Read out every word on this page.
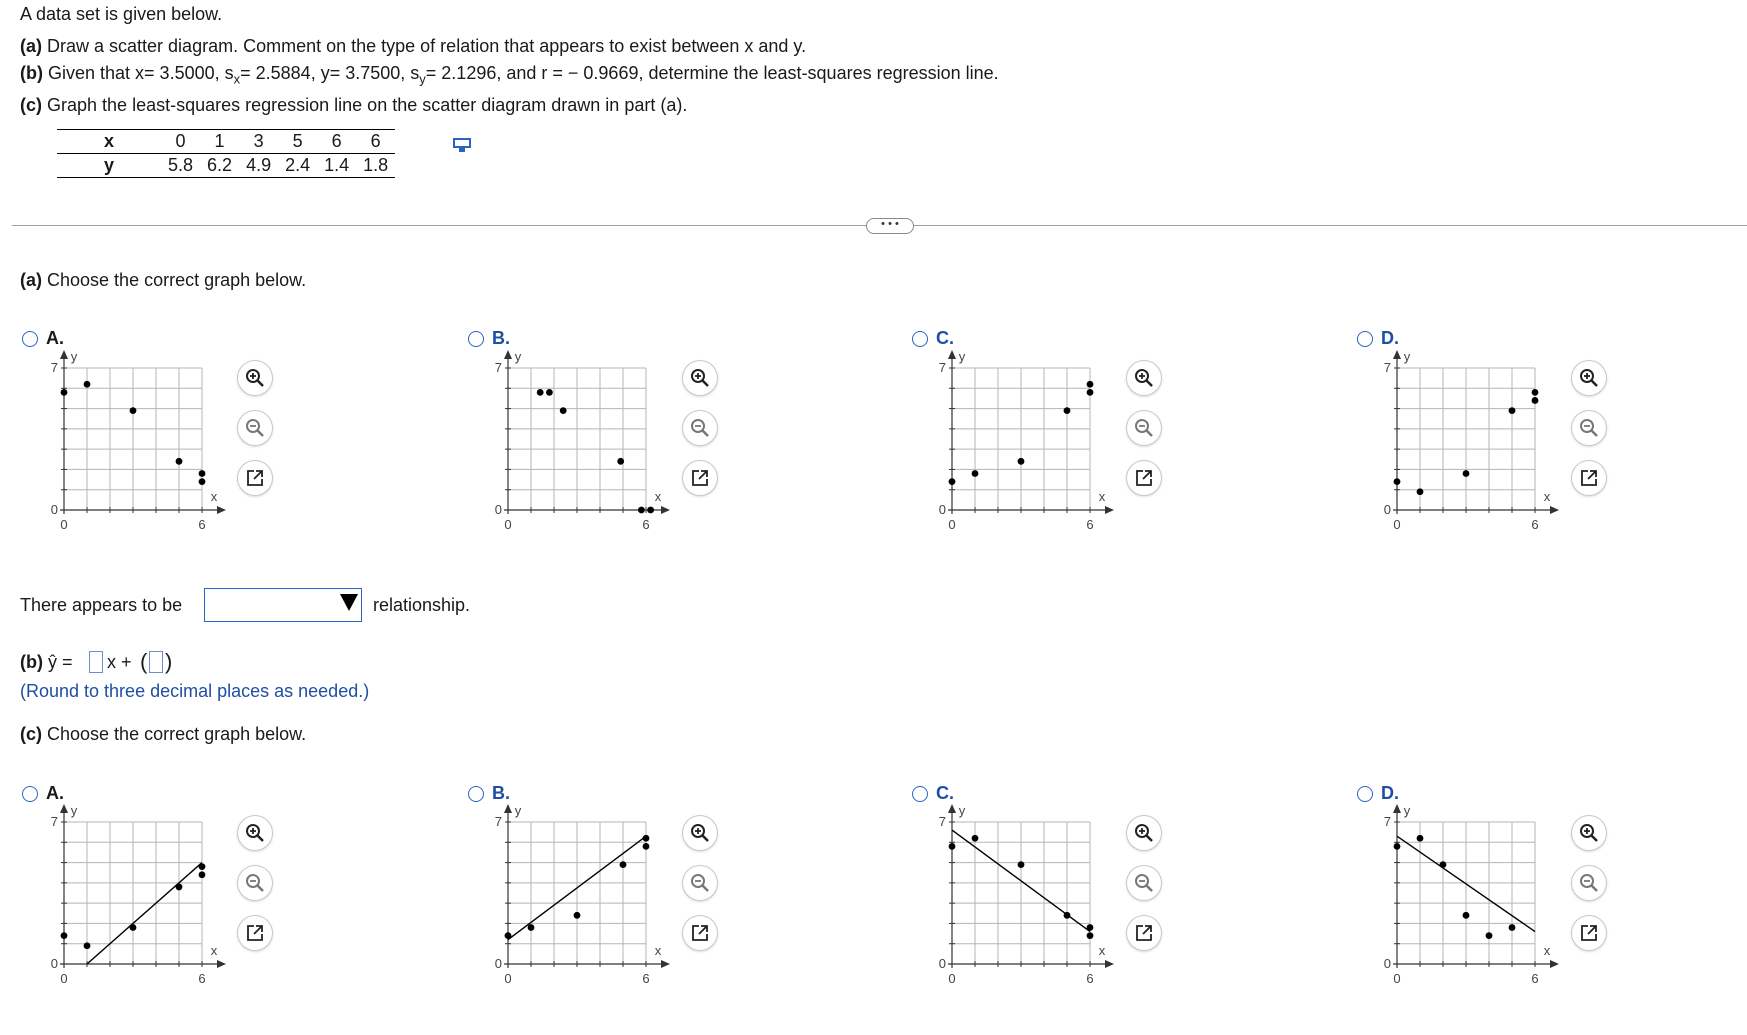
A data set is given below.
(a) Draw a scatter diagram. Comment on the type of relation that appears to exist between x and y.
(b) Given that x= 3.5000, $s_x= 2.5884$, y= 3.7500, $s_y= 2.1296$, and r = − 0.9669, determine the least-squares regression line.
(c) Graph the least-squares regression line on the scatter diagram drawn in part (a).
x	0	1	3	5	6	6
y	5.8	6.2	4.9	2.4	1.4	1.8
• • •
(a) Choose the correct graph below.
A.	B.	C.	D.
7
0
0	6
x
y
7
0
0	6
x
y
7
0
0	6
x
y
7
0
0	6
x
y
There appears to be	relationship.
(b) ŷ = x + ( )
(Round to three decimal places as needed.)
(c) Choose the correct graph below.
A.	B.	C.	D.
7
0
0	6
x
y
7
0
0	6
x
y
7
0
0	6
x
y
7
0
0	6
x
y
